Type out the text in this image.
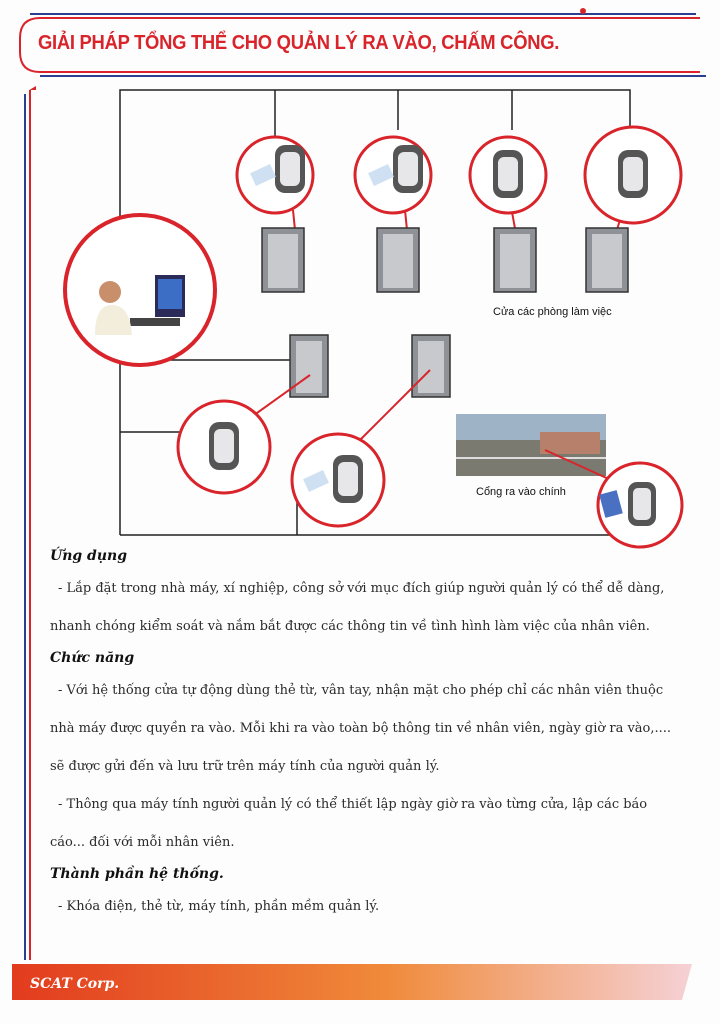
GIẢI PHÁP TỔNG THỂ CHO QUẢN LÝ RA VÀO, CHẤM CÔNG.
Cửa các phòng làm việc
Cổng ra vào chính
Ứng dụng
- Lắp đặt trong nhà máy, xí nghiệp, công sở với mục đích giúp người quản lý có thể dễ dàng,
nhanh chóng kiểm soát và nắm bắt được các thông tin về tình hình làm việc của nhân viên.
Chức năng
- Với hệ thống cửa tự động dùng thẻ từ, vân tay, nhận mặt cho phép chỉ các nhân viên thuộc
nhà máy được quyền ra vào. Mỗi khi ra vào toàn bộ thông tin về nhân viên, ngày giờ ra vào,....
sẽ được gửi đến và lưu trữ trên máy tính của người quản lý.
- Thông qua máy tính người quản lý có thể thiết lập ngày giờ ra vào từng cửa, lập các báo
cáo... đối với mỗi nhân viên.
Thành phần hệ thống.
- Khóa điện, thẻ từ, máy tính, phần mềm quản lý.
SCAT Corp.
